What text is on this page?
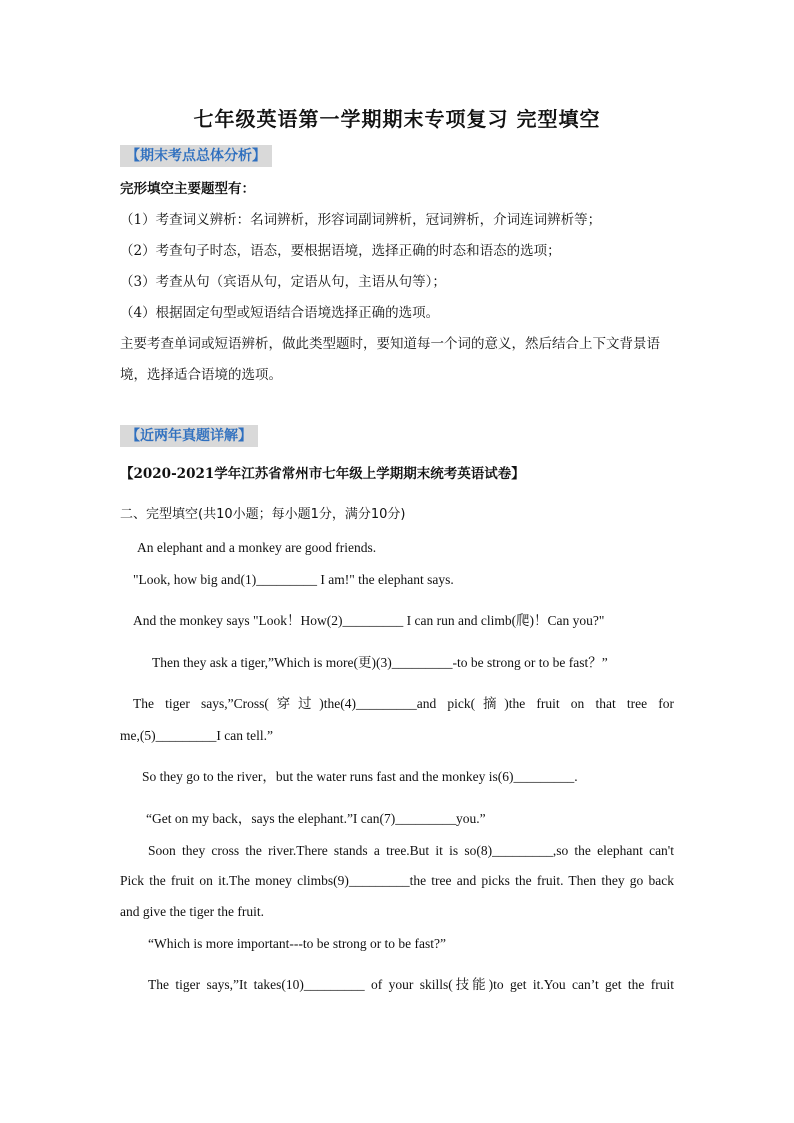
七年级英语第一学期期末专项复习 完型填空
【期末考点总体分析】
完形填空主要题型有：
（1）考查词义辨析：名词辨析，形容词副词辨析，冠词辨析，介词连词辨析等；
（2）考查句子时态，语态，要根据语境，选择正确的时态和语态的选项；
（3）考查从句（宾语从句，定语从句，主语从句等）；
（4）根据固定句型或短语结合语境选择正确的选项。
主要考查单词或短语辨析，做此类型题时，要知道每一个词的意义，然后结合上下文背景语
境，选择适合语境的选项。
【近两年真题详解】
【2020-2021学年江苏省常州市七年级上学期期末统考英语试卷】
二、完型填空(共10小题；每小题1分，满分10分)
An elephant and a monkey are good friends.
"Look, how big and(1)_________ I am!" the elephant says.
And the monkey says "Look！How(2)_________ I can run and climb(爬)！Can you?"
Then they ask a tiger,”Which is more(更)(3)_________-to be strong or to be fast？”
The tiger says,”Cross(穿过)the(4)_________and pick(摘)the fruit on that tree for
me,(5)_________I can tell.”
So they go to the river，but the water runs fast and the monkey is(6)_________.
“Get on my back，says the elephant.”I can(7)_________you.”
Soon they cross the river.There stands a tree.But it is so(8)_________,so the elephant can't
Pick the fruit on it.The money climbs(9)_________the tree and picks the fruit. Then they go back
and give the tiger the fruit.
“Which is more important---to be strong or to be fast?”
The tiger says,”It takes(10)_________ of your skills(技能)to get it.You can’t get the fruit
